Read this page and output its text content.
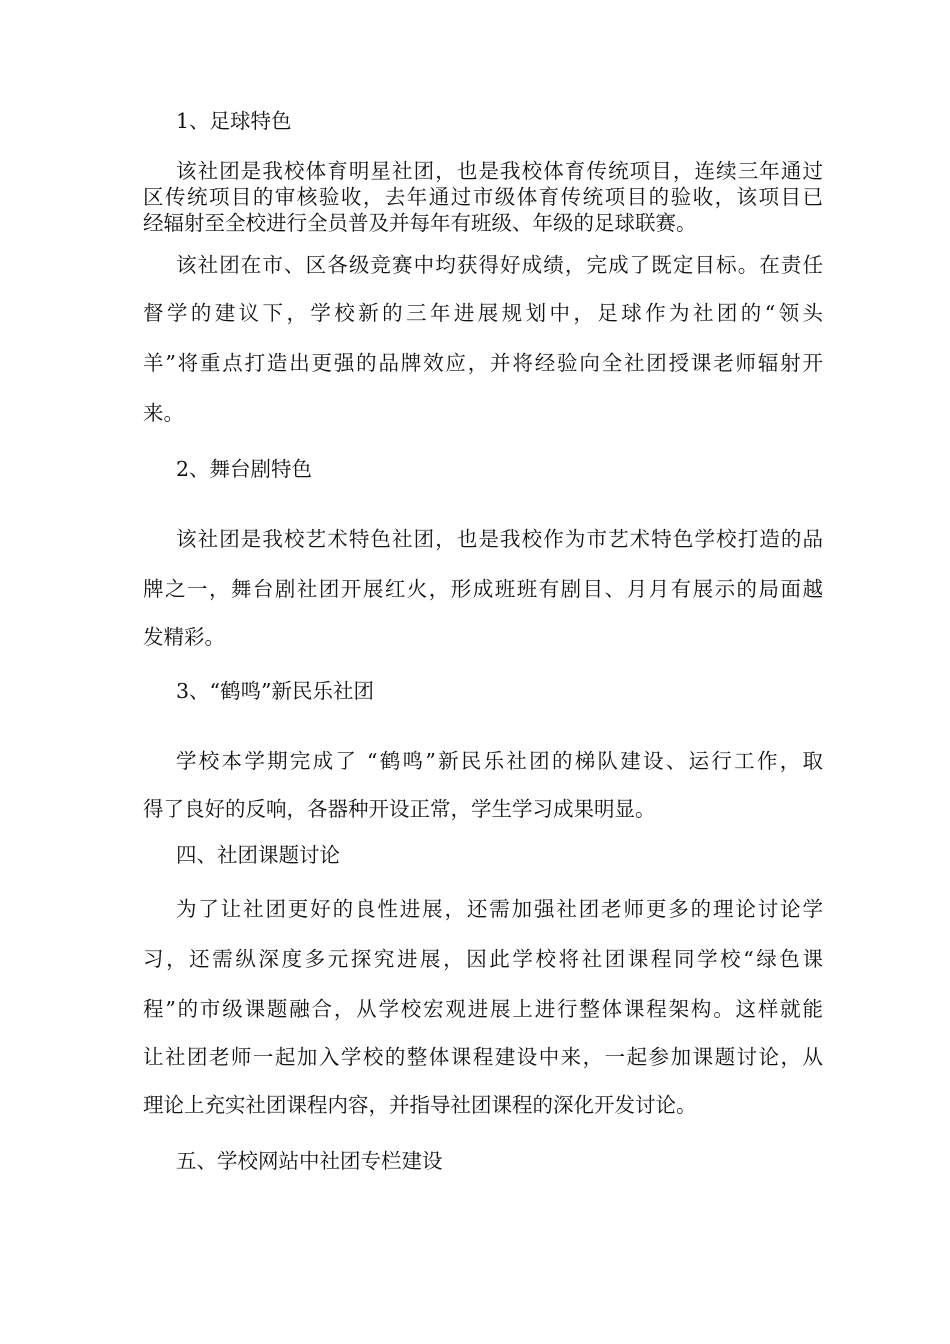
1、足球特色
该社团是我校体育明星社团，也是我校体育传统项目，连续三年通过
区传统项目的审核验收，去年通过市级体育传统项目的验收，该项目已
经辐射至全校进行全员普及并每年有班级、年级的足球联赛。
该社团在市、区各级竞赛中均获得好成绩，完成了既定目标。在责任
督学的建议下，学校新的三年进展规划中，足球作为社团的“领头
羊”将重点打造出更强的品牌效应，并将经验向全社团授课老师辐射开
来。
2、舞台剧特色
该社团是我校艺术特色社团，也是我校作为市艺术特色学校打造的品
牌之一，舞台剧社团开展红火，形成班班有剧目、月月有展示的局面越
发精彩。
3、“鹤鸣”新民乐社团
学校本学期完成了 “鹤鸣”新民乐社团的梯队建设、运行工作，取
得了良好的反响，各器种开设正常，学生学习成果明显。
四、社团课题讨论
为了让社团更好的良性进展，还需加强社团老师更多的理论讨论学
习，还需纵深度多元探究进展，因此学校将社团课程同学校“绿色课
程”的市级课题融合，从学校宏观进展上进行整体课程架构。这样就能
让社团老师一起加入学校的整体课程建设中来，一起参加课题讨论，从
理论上充实社团课程内容，并指导社团课程的深化开发讨论。
五、学校网站中社团专栏建设
